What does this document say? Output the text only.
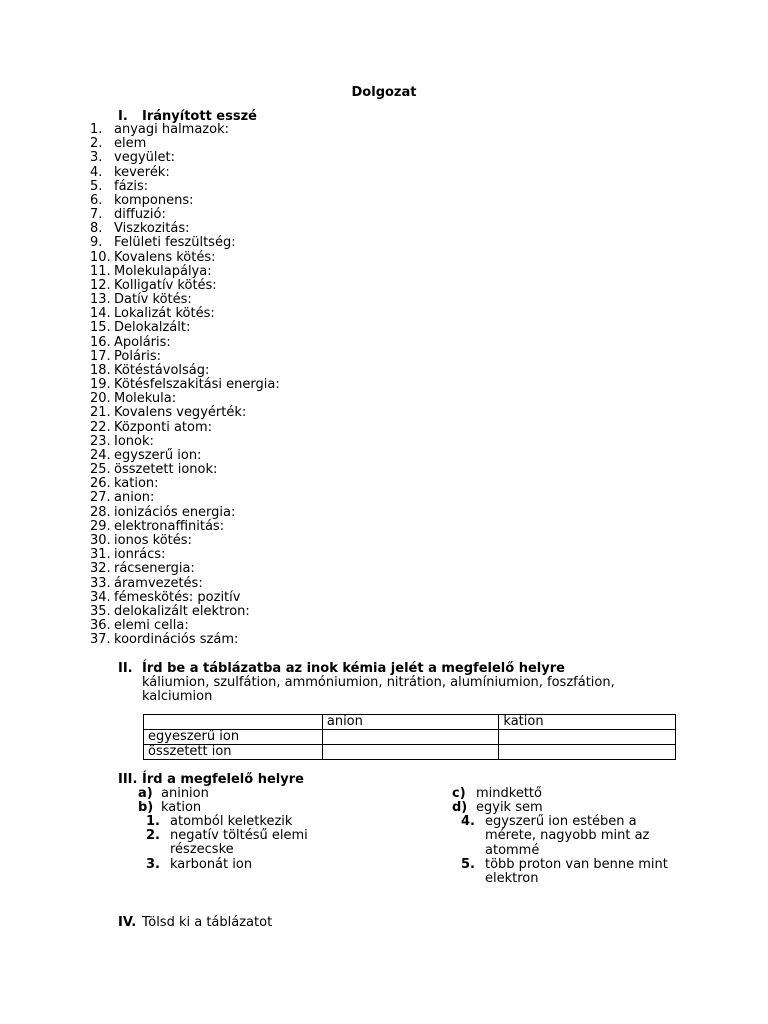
Dolgozat
I. Irányított esszé
1. anyagi halmazok:
2. elem
3. vegyület:
4. keverék:
5. fázis:
6. komponens:
7. diffuzió:
8. Viszkozitás:
9. Felületi feszültség:
10. Kovalens kötés:
11. Molekulapálya:
12. Kolligatív kötés:
13. Datív kötés:
14. Lokalizát kötés:
15. Delokalzált:
16. Apoláris:
17. Poláris:
18. Kötéstávolság:
19. Kötésfelszakitási energia:
20. Molekula:
21. Kovalens vegyérték:
22. Központi atom:
23. Ionok:
24. egyszerű ion:
25. összetett ionok:
26. kation:
27. anion:
28. ionizációs energia:
29. elektronaffinitás:
30. ionos kötés:
31. ionrács:
32. rácsenergia:
33. áramvezetés:
34. fémeskötés: pozitív
35. delokalizált elektron:
36. elemi cella:
37. koordinációs szám:
II. Írd be a táblázatba az inok kémia jelét a megfelelő helyre
káliumion, szulfátion, ammóniumion, nitrátion, alumíniumion, foszfátion,
kalciumion
	anion	kation
egyeszerű ion		
összetett ion		
III. Írd a megfelelő helyre
a) aninion
b) kation
c) mindkettő
d) egyik sem
1. atomból keletkezik
2. negatív töltésű elemi
részecske
3. karbonát ion
4. egyszerű ion estében a
mérete, nagyobb mint az
atommé
5. több proton van benne mint
elektron
IV. Tölsd ki a táblázatot
